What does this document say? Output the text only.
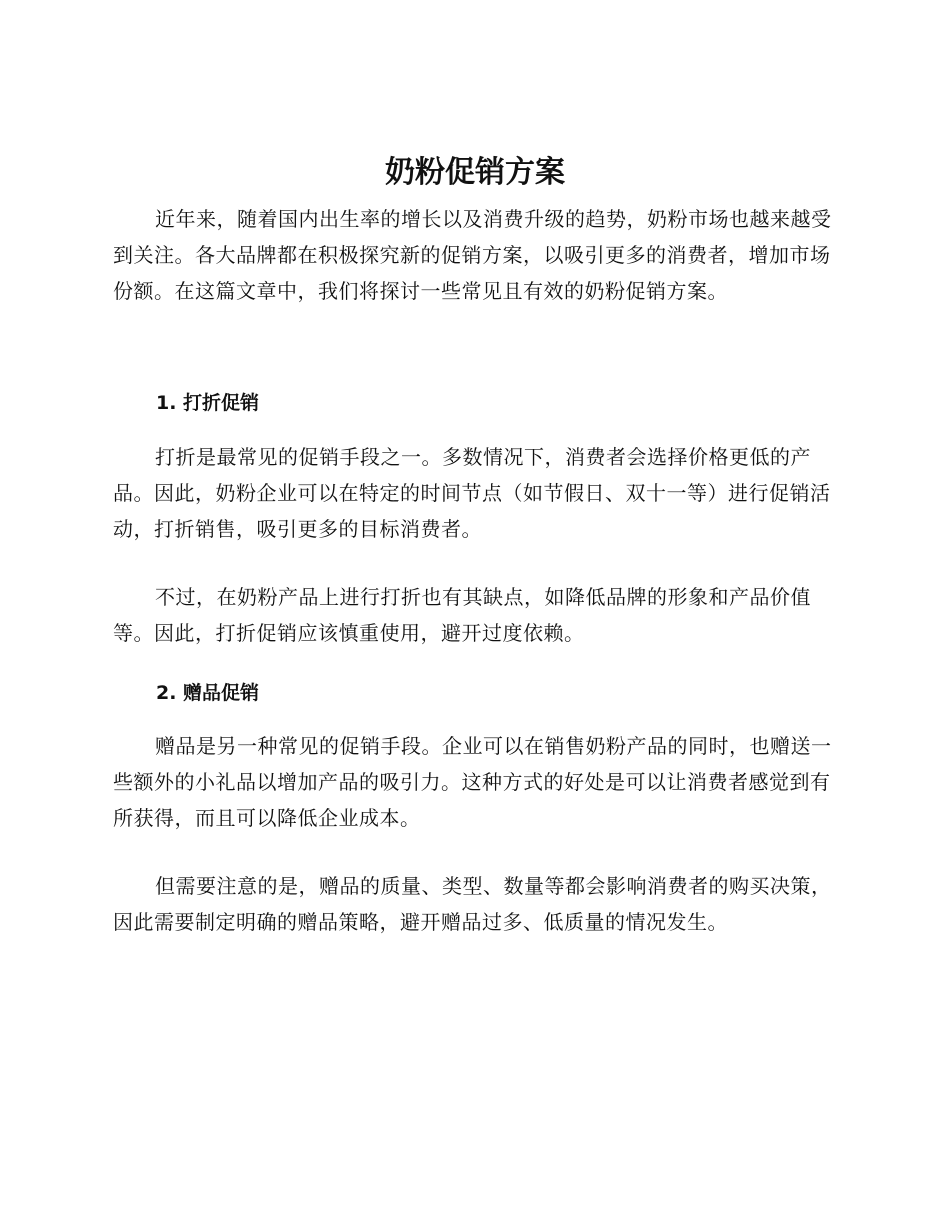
奶粉促销方案

近年来，随着国内出生率的增长以及消费升级的趋势，奶粉市场也越来越受到关注。各大品牌都在积极探究新的促销方案，以吸引更多的消费者，增加市场份额。在这篇文章中，我们将探讨一些常见且有效的奶粉促销方案。

1. 打折促销

打折是最常见的促销手段之一。多数情况下，消费者会选择价格更低的产品。因此，奶粉企业可以在特定的时间节点（如节假日、双十一等）进行促销活动，打折销售，吸引更多的目标消费者。

不过，在奶粉产品上进行打折也有其缺点，如降低品牌的形象和产品价值等。因此，打折促销应该慎重使用，避开过度依赖。

2. 赠品促销

赠品是另一种常见的促销手段。企业可以在销售奶粉产品的同时，也赠送一些额外的小礼品以增加产品的吸引力。这种方式的好处是可以让消费者感觉到有所获得，而且可以降低企业成本。

但需要注意的是，赠品的质量、类型、数量等都会影响消费者的购买决策，因此需要制定明确的赠品策略，避开赠品过多、低质量的情况发生。
